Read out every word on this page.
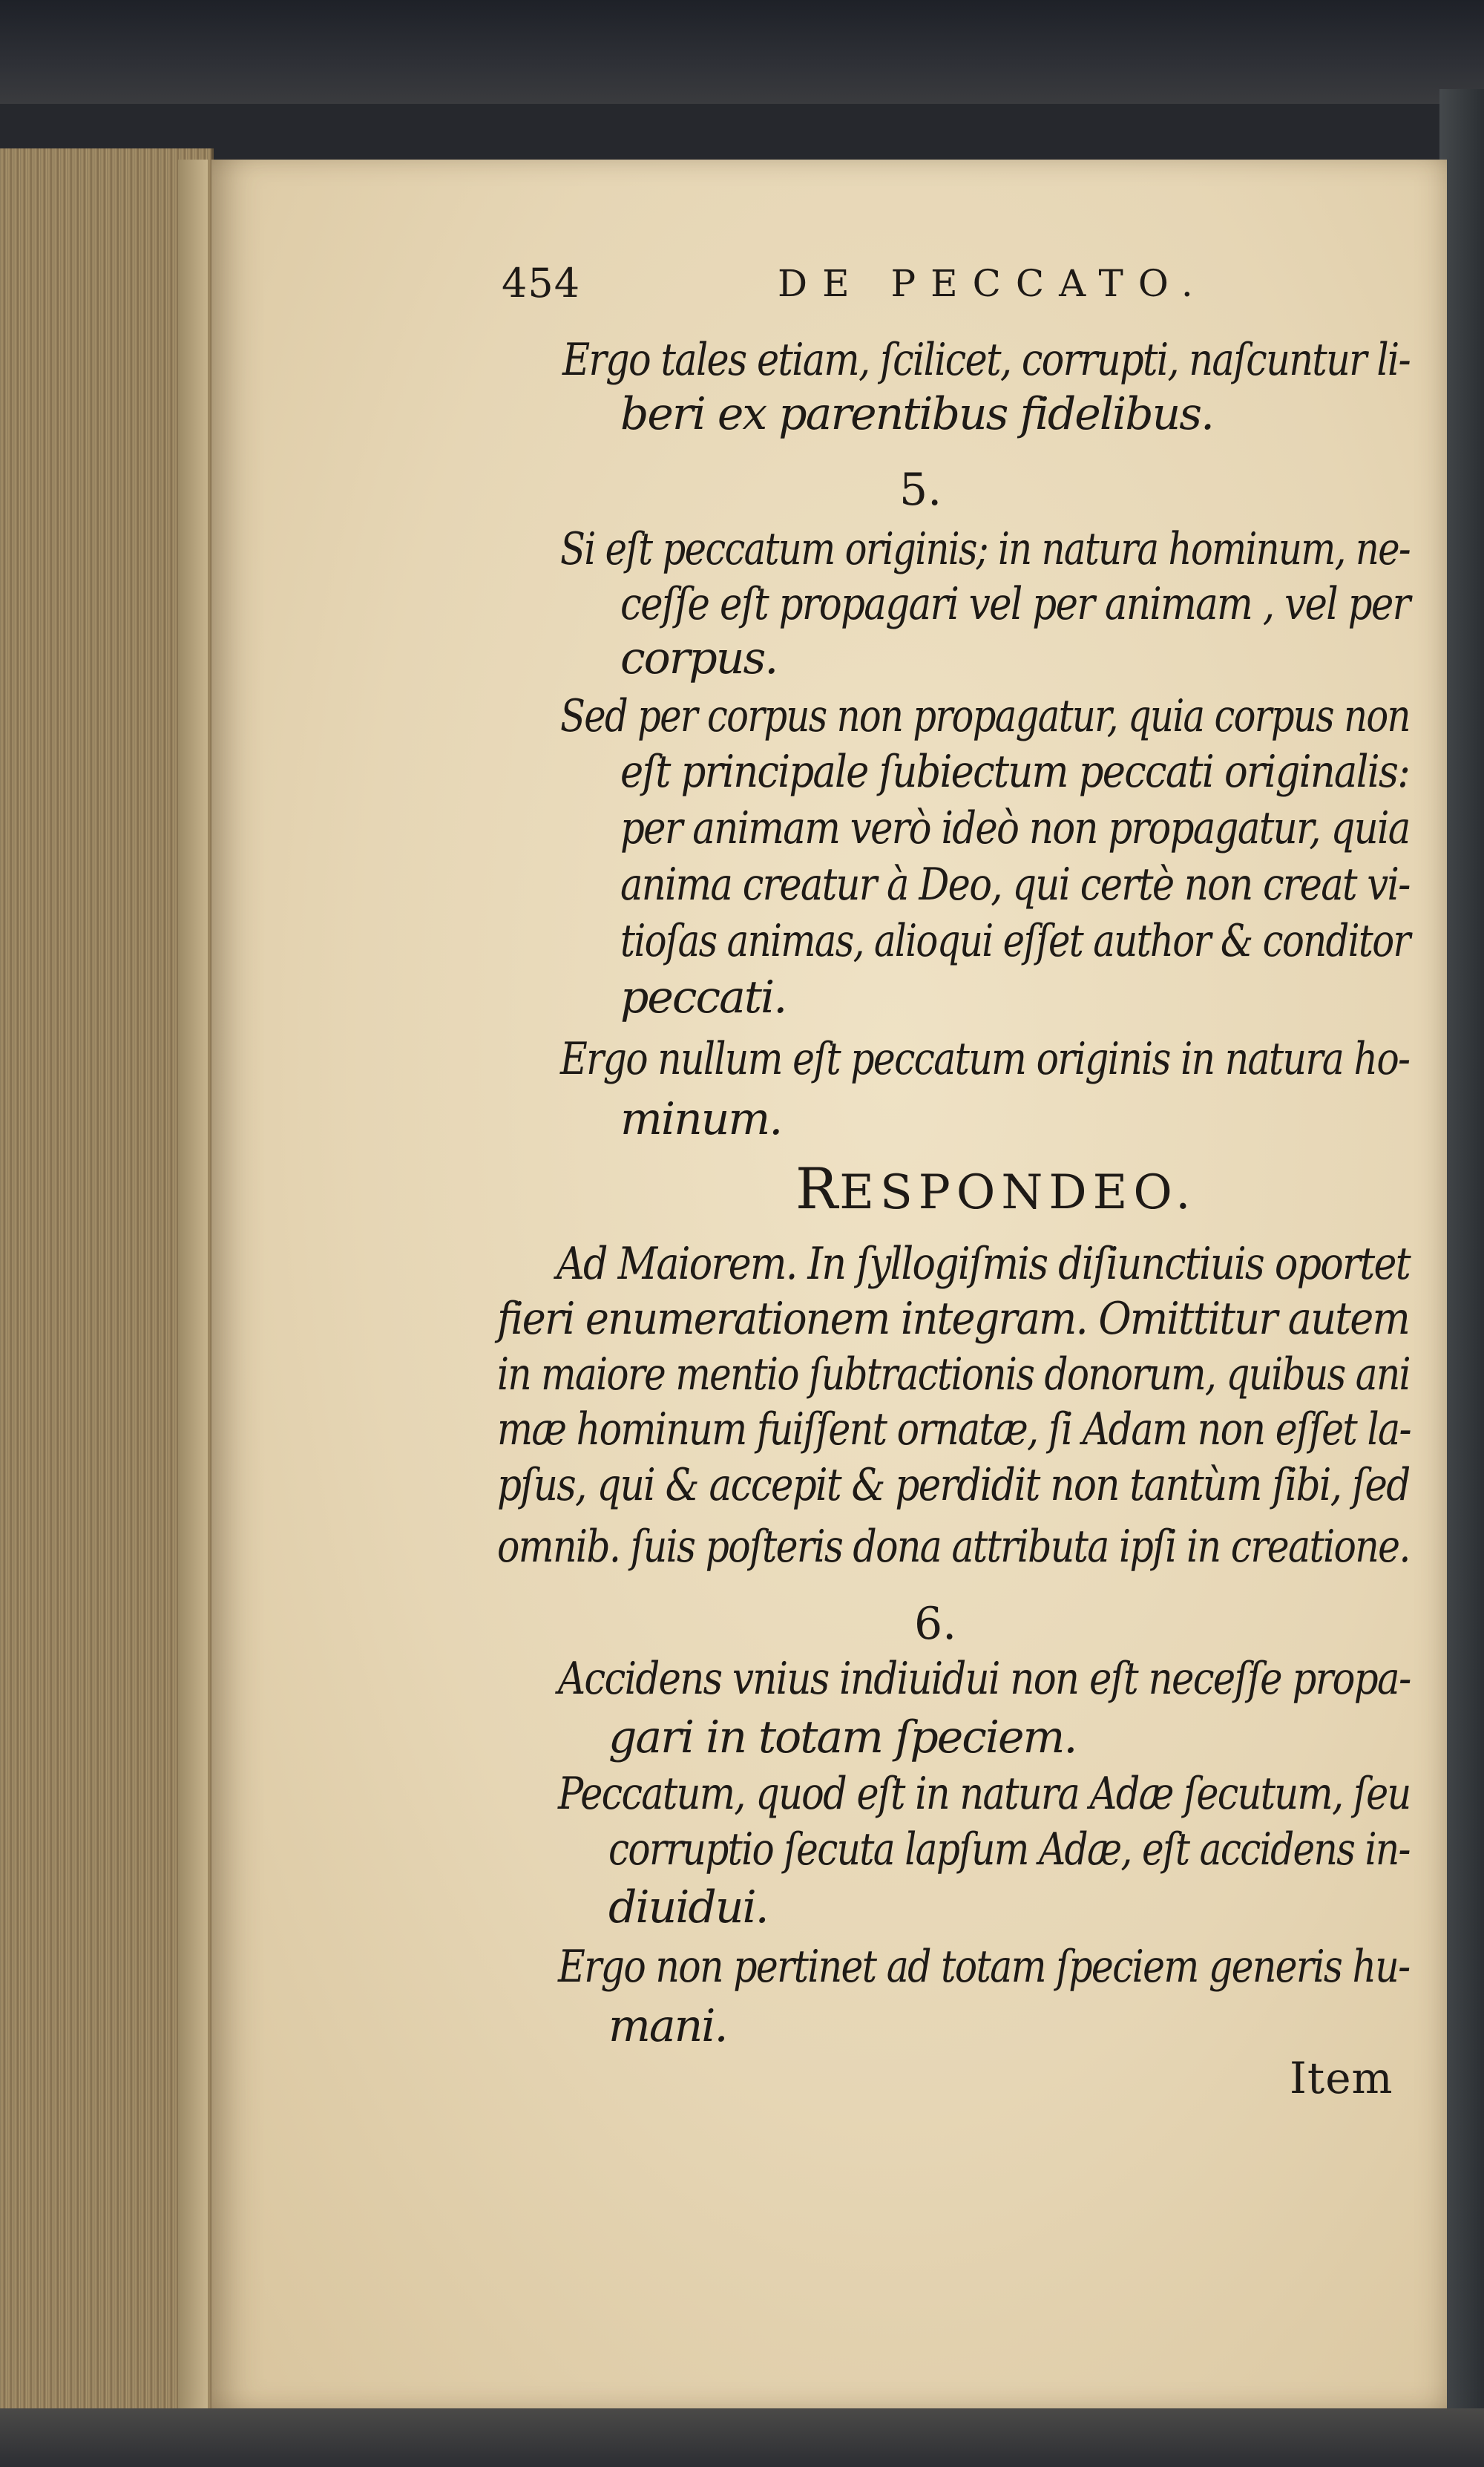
454	DE PECCATO.
Ergo tales etiam, ſcilicet, corrupti, naſcuntur li-
beri ex parentibus fidelibus.
5.
Si eſt peccatum originis; in natura hominum, ne-
ceſſe eſt propagari vel per animam , vel per
corpus.
Sed per corpus non propagatur, quia corpus non
eſt principale ſubiectum peccati originalis:
per animam verò ideò non propagatur, quia
anima creatur à Deo, qui certè non creat vi-
tioſas animas, alioqui eſſet author & conditor
peccati.
Ergo nullum eſt peccatum originis in natura ho-
minum.
RESPONDEO.
Ad Maiorem. In ſyllogiſmis diſiunctiuis oportet
fieri enumerationem integram. Omittitur autem
in maiore mentio ſubtractionis donorum, quibus ani
mæ hominum fuiſſent ornatæ, ſi Adam non eſſet la-
pſus, qui & accepit & perdidit non tantùm ſibi, ſed
omnib. ſuis poſteris dona attributa ipſi in creatione.
6.
Accidens vnius indiuidui non eſt neceſſe propa-
gari in totam ſpeciem.
Peccatum, quod eſt in natura Adæ ſecutum, ſeu
corruptio ſecuta lapſum Adæ, eſt accidens in-
diuidui.
Ergo non pertinet ad totam ſpeciem generis hu-
mani.
Item
